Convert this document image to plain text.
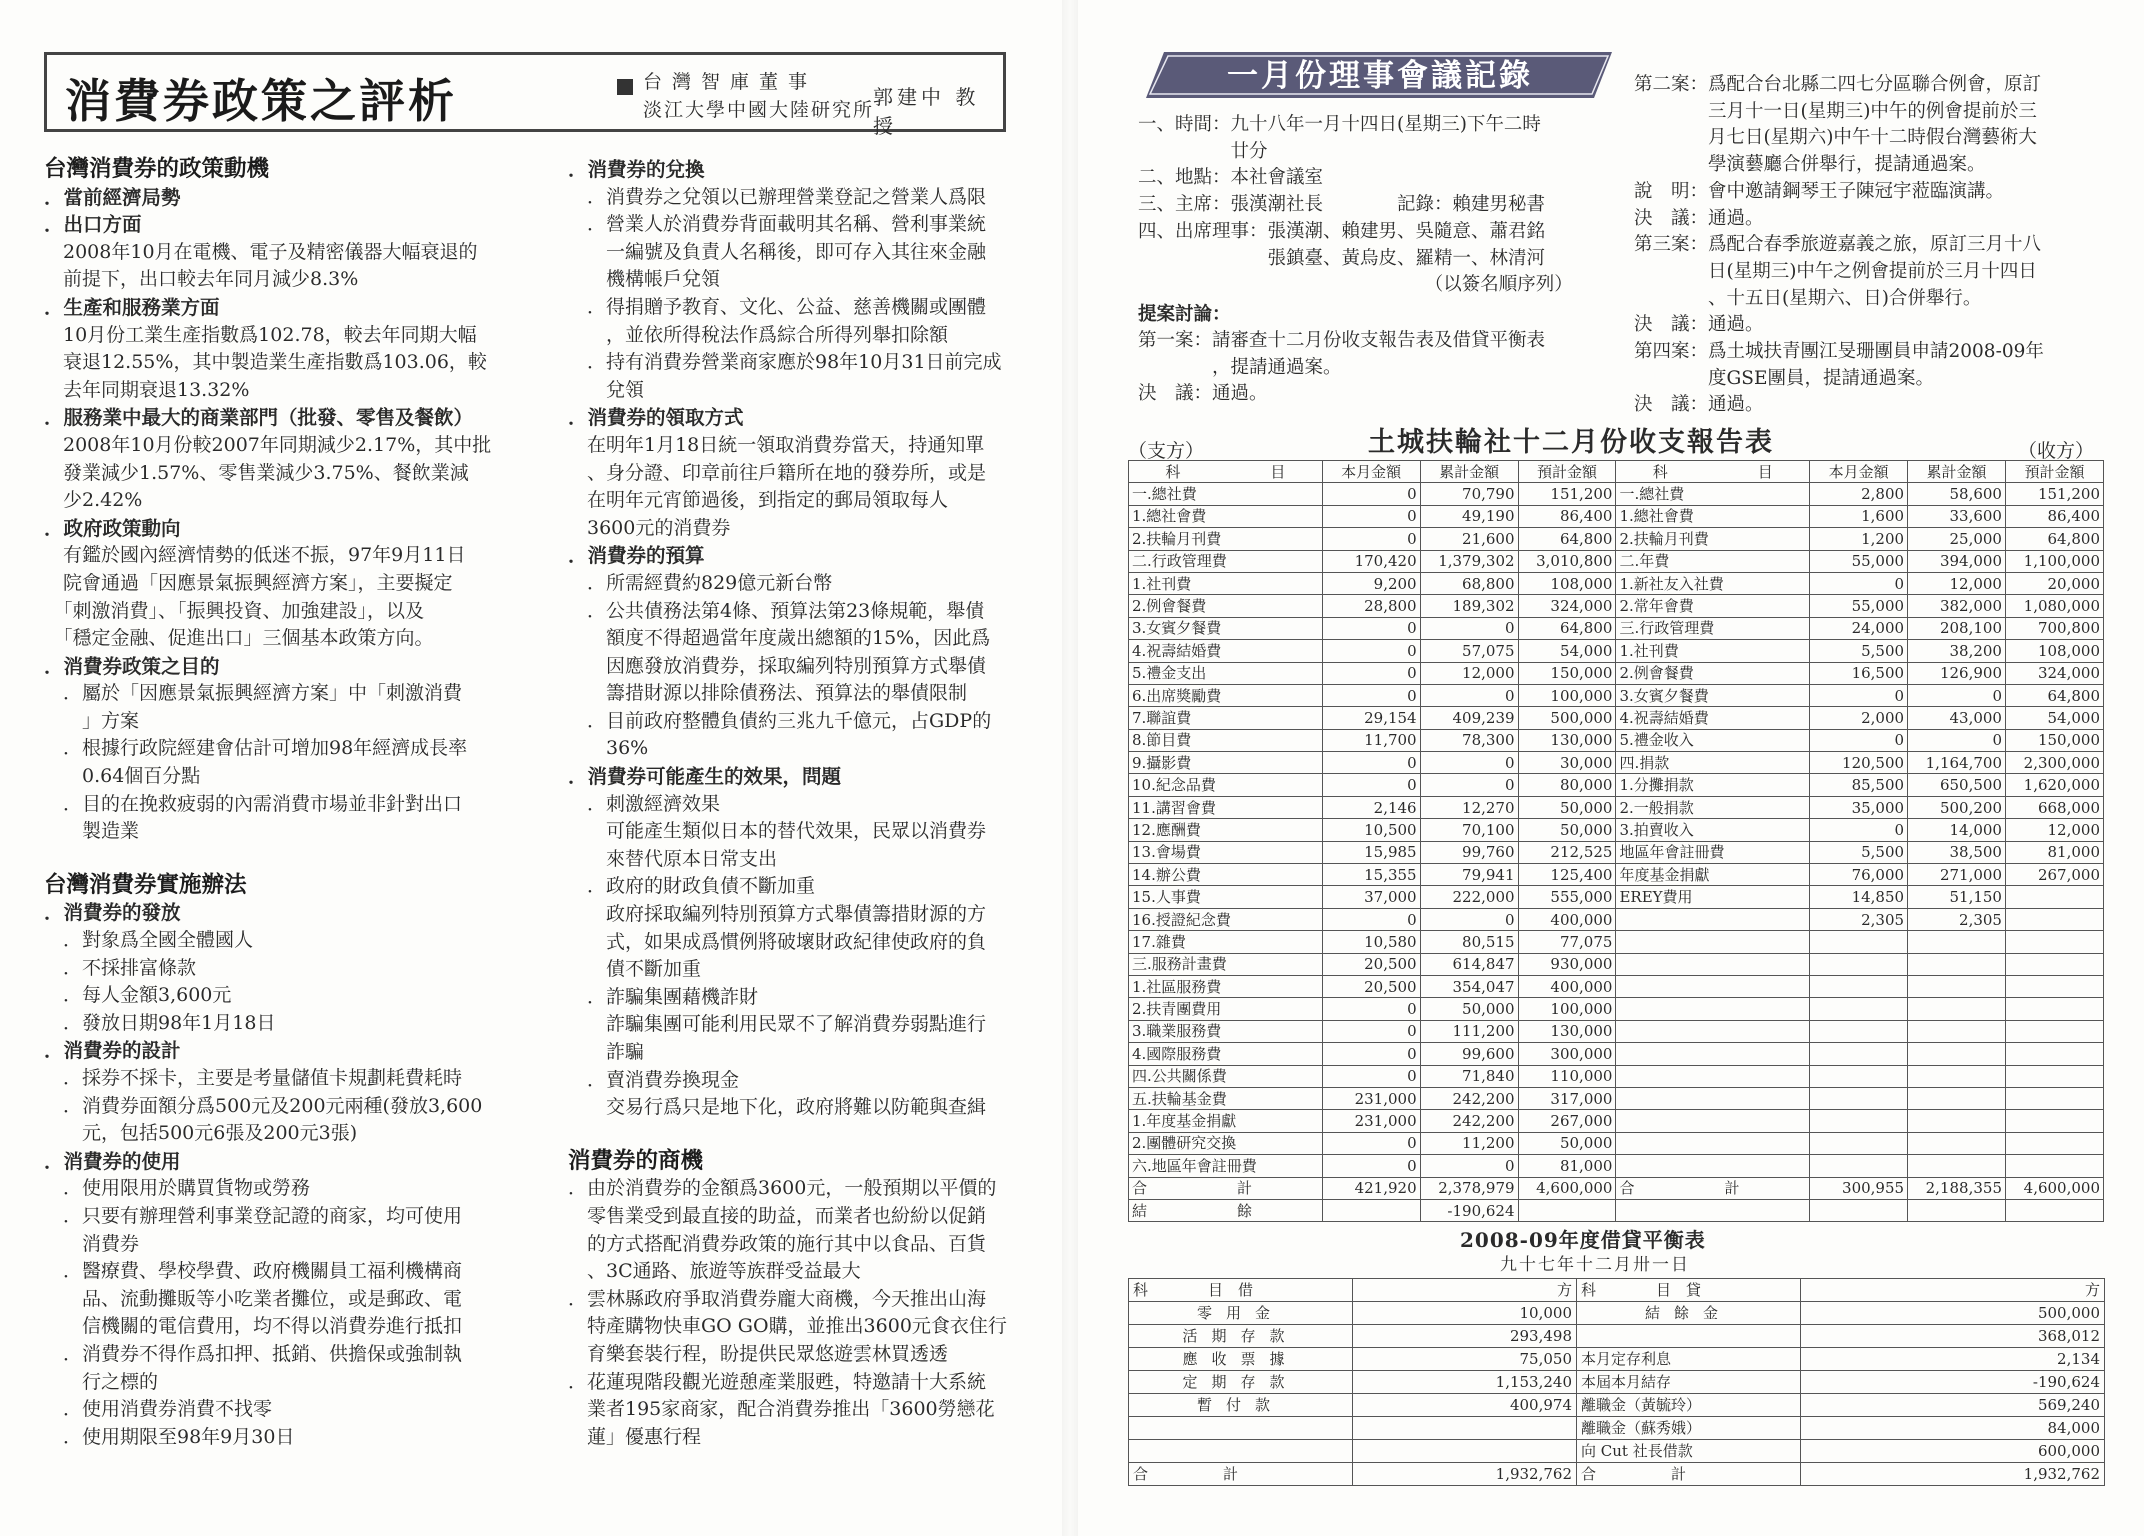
消費券政策之評析	台灣智庫董事
淡江大學中國大陸研究所
郭建中 教授
台灣消費券的政策動機
．當前經濟局勢
．出口方面
　2008年10月在電機、電子及精密儀器大幅衰退的
　前提下，出口較去年同月減少8.3%
．生產和服務業方面
　10月份工業生產指數爲102.78，較去年同期大幅
　衰退12.55%，其中製造業生產指數爲103.06，較
　去年同期衰退13.32%
．服務業中最大的商業部門（批發、零售及餐飲）
　2008年10月份較2007年同期減少2.17%，其中批
　發業減少1.57%、零售業減少3.75%、餐飲業減
　少2.42%
．政府政策動向
　有鑑於國內經濟情勢的低迷不振，97年9月11日
　院會通過「因應景氣振興經濟方案」，主要擬定
　「刺激消費」、「振興投資、加強建設」，以及
　「穩定金融、促進出口」三個基本政策方向。
．消費券政策之目的
　．屬於「因應景氣振興經濟方案」中「刺激消費
　　」方案
　．根據行政院經建會估計可增加98年經濟成長率
　　0.64個百分點
　．目的在挽救疲弱的內需消費市場並非針對出口
　　製造業
台灣消費券實施辦法
．消費券的發放
　．對象爲全國全體國人
　．不採排富條款
　．每人金額3,600元
　．發放日期98年1月18日
．消費券的設計
　．採券不採卡，主要是考量儲值卡規劃耗費耗時
　．消費券面額分爲500元及200元兩種(發放3,600
　　元，包括500元6張及200元3張)
．消費券的使用
　．使用限用於購買貨物或勞務
　．只要有辦理營利事業登記證的商家，均可使用
　　消費券
　．醫療費、學校學費、政府機關員工福利機構商
　　品、流動攤販等小吃業者攤位，或是郵政、電
　　信機關的電信費用，均不得以消費券進行抵扣
　．消費券不得作爲扣押、抵銷、供擔保或強制執
　　行之標的
　．使用消費券消費不找零
　．使用期限至98年9月30日
．消費券的兌換
　．消費券之兌領以已辦理營業登記之營業人爲限
　．營業人於消費券背面載明其名稱、營利事業統
　　一編號及負責人名稱後，即可存入其往來金融
　　機構帳戶兌領
　．得捐贈予教育、文化、公益、慈善機關或團體
　　，並依所得稅法作爲綜合所得列舉扣除額
　．持有消費券營業商家應於98年10月31日前完成
　　兌領
．消費券的領取方式
　在明年1月18日統一領取消費券當天，持通知單
　、身分證、印章前往戶籍所在地的發券所，或是
　在明年元宵節過後，到指定的郵局領取每人
　3600元的消費券
．消費券的預算
　．所需經費約829億元新台幣
　．公共債務法第4條、預算法第23條規範，舉債
　　額度不得超過當年度歲出總額的15%，因此爲
　　因應發放消費券，採取編列特別預算方式舉債
　　籌措財源以排除債務法、預算法的舉債限制
　．目前政府整體負債約三兆九千億元，占GDP的
　　36%
．消費券可能產生的效果，問題
　．刺激經濟效果
　　可能產生類似日本的替代效果，民眾以消費券
　　來替代原本日常支出
　．政府的財政負債不斷加重
　　政府採取編列特別預算方式舉債籌措財源的方
　　式，如果成爲慣例將破壞財政紀律使政府的負
　　債不斷加重
　．詐騙集團藉機詐財
　　詐騙集團可能利用民眾不了解消費券弱點進行
　　詐騙
　．賣消費券換現金
　　交易行爲只是地下化，政府將難以防範與查緝
消費券的商機
．由於消費券的金額爲3600元，一般預期以平價的
　零售業受到最直接的助益，而業者也紛紛以促銷
　的方式搭配消費券政策的施行其中以食品、百貨
　、3C通路、旅遊等族群受益最大
．雲林縣政府爭取消費券龐大商機，今天推出山海
　特產購物快車GO GO購，並推出3600元食衣住行
　育樂套裝行程，盼提供民眾悠遊雲林買透透
．花蓮現階段觀光遊憩產業服甦，特邀請十大系統
　業者195家商家，配合消費券推出「3600勞戀花
　蓮」優惠行程
一月份理事會議記錄
一、時間：九十八年一月十四日(星期三)下午二時
　　　　　廿分
二、地點：本社會議室
三、主席：張漢潮社長　　　　記錄：賴建男秘書
四、出席理事：張漢潮、賴建男、吳隨意、蕭君銘
　　　　　　　張鎮臺、黃烏皮、羅精一、林清河
　　　　　　　　　　　　　　　　（以簽名順序列）
提案討論：
第一案：請審查十二月份收支報告表及借貸平衡表
　　　　，提請通過案。
決　議：通過。
第二案：爲配合台北縣二四七分區聯合例會，原訂
　　　　三月十一日(星期三)中午的例會提前於三
　　　　月七日(星期六)中午十二時假台灣藝術大
　　　　學演藝廳合併舉行，提請通過案。
說　明：會中邀請鋼琴王子陳冠宇蒞臨演講。
決　議：通過。
第三案：爲配合春季旅遊嘉義之旅，原訂三月十八
　　　　日(星期三)中午之例會提前於三月十四日
　　　　、十五日(星期六、日)合併舉行。
決　議：通過。
第四案：爲土城扶青團江旻珊團員申請2008-09年
　　　　度GSE團員，提請通過案。
決　議：通過。
（支方）	土城扶輪社十二月份收支報告表	（收方）
科　　　　　　目	本月金額	累計金額	預計金額	科　　　　　　目	本月金額	累計金額	預計金額
一.總社費	0	70,790	151,200	一.總社費	2,800	58,600	151,200
1.總社會費	0	49,190	86,400	1.總社會費	1,600	33,600	86,400
2.扶輪月刊費	0	21,600	64,800	2.扶輪月刊費	1,200	25,000	64,800
二.行政管理費	170,420	1,379,302	3,010,800	二.年費	55,000	394,000	1,100,000
1.社刊費	9,200	68,800	108,000	1.新社友入社費	0	12,000	20,000
2.例會餐費	28,800	189,302	324,000	2.常年會費	55,000	382,000	1,080,000
3.女賓夕餐費	0	0	64,800	三.行政管理費	24,000	208,100	700,800
4.祝壽結婚費	0	57,075	54,000	1.社刊費	5,500	38,200	108,000
5.禮金支出	0	12,000	150,000	2.例會餐費	16,500	126,900	324,000
6.出席獎勵費	0	0	100,000	3.女賓夕餐費	0	0	64,800
7.聯誼費	29,154	409,239	500,000	4.祝壽結婚費	2,000	43,000	54,000
8.節目費	11,700	78,300	130,000	5.禮金收入	0	0	150,000
9.攝影費	0	0	30,000	四.捐款	120,500	1,164,700	2,300,000
10.紀念品費	0	0	80,000	1.分攤捐款	85,500	650,500	1,620,000
11.講習會費	2,146	12,270	50,000	2.一般捐款	35,000	500,200	668,000
12.應酬費	10,500	70,100	50,000	3.拍賣收入	0	14,000	12,000
13.會場費	15,985	99,760	212,525	地區年會註冊費	5,500	38,500	81,000
14.辦公費	15,355	79,941	125,400	年度基金捐獻	76,000	271,000	267,000
15.人事費	37,000	222,000	555,000	EREY費用	14,850	51,150	
16.授證紀念費	0	0	400,000		2,305	2,305	
17.雜費	10,580	80,515	77,075				
三.服務計畫費	20,500	614,847	930,000				
1.社區服務費	20,500	354,047	400,000				
2.扶青團費用	0	50,000	100,000				
3.職業服務費	0	111,200	130,000				
4.國際服務費	0	99,600	300,000				
四.公共關係費	0	71,840	110,000				
五.扶輪基金費	231,000	242,200	317,000				
1.年度基金捐獻	231,000	242,200	267,000				
2.團體研究交換	0	11,200	50,000				
六.地區年會註冊費	0	0	81,000				
合　　　　　　計	421,920	2,378,979	4,600,000	合　　　　　　計	300,955	2,188,355	4,600,000
結　　　　　　餘		-190,624					
2008-09年度借貸平衡表
九十七年十二月卅一日
科　　　　目　借	方	科　　　　目　貸	方
零用金	10,000	結餘金	500,000
活期存款	293,498		368,012
應收票據	75,050	本月定存利息	2,134
定期存款	1,153,240	本屆本月結存	-190,624
暫付款	400,974	離職金（黃毓玲）	569,240
		離職金（蘇秀娥）	84,000
		向 Cut 社長借款	600,000
合　　　　　計	1,932,762	合　　　　　計	1,932,762
